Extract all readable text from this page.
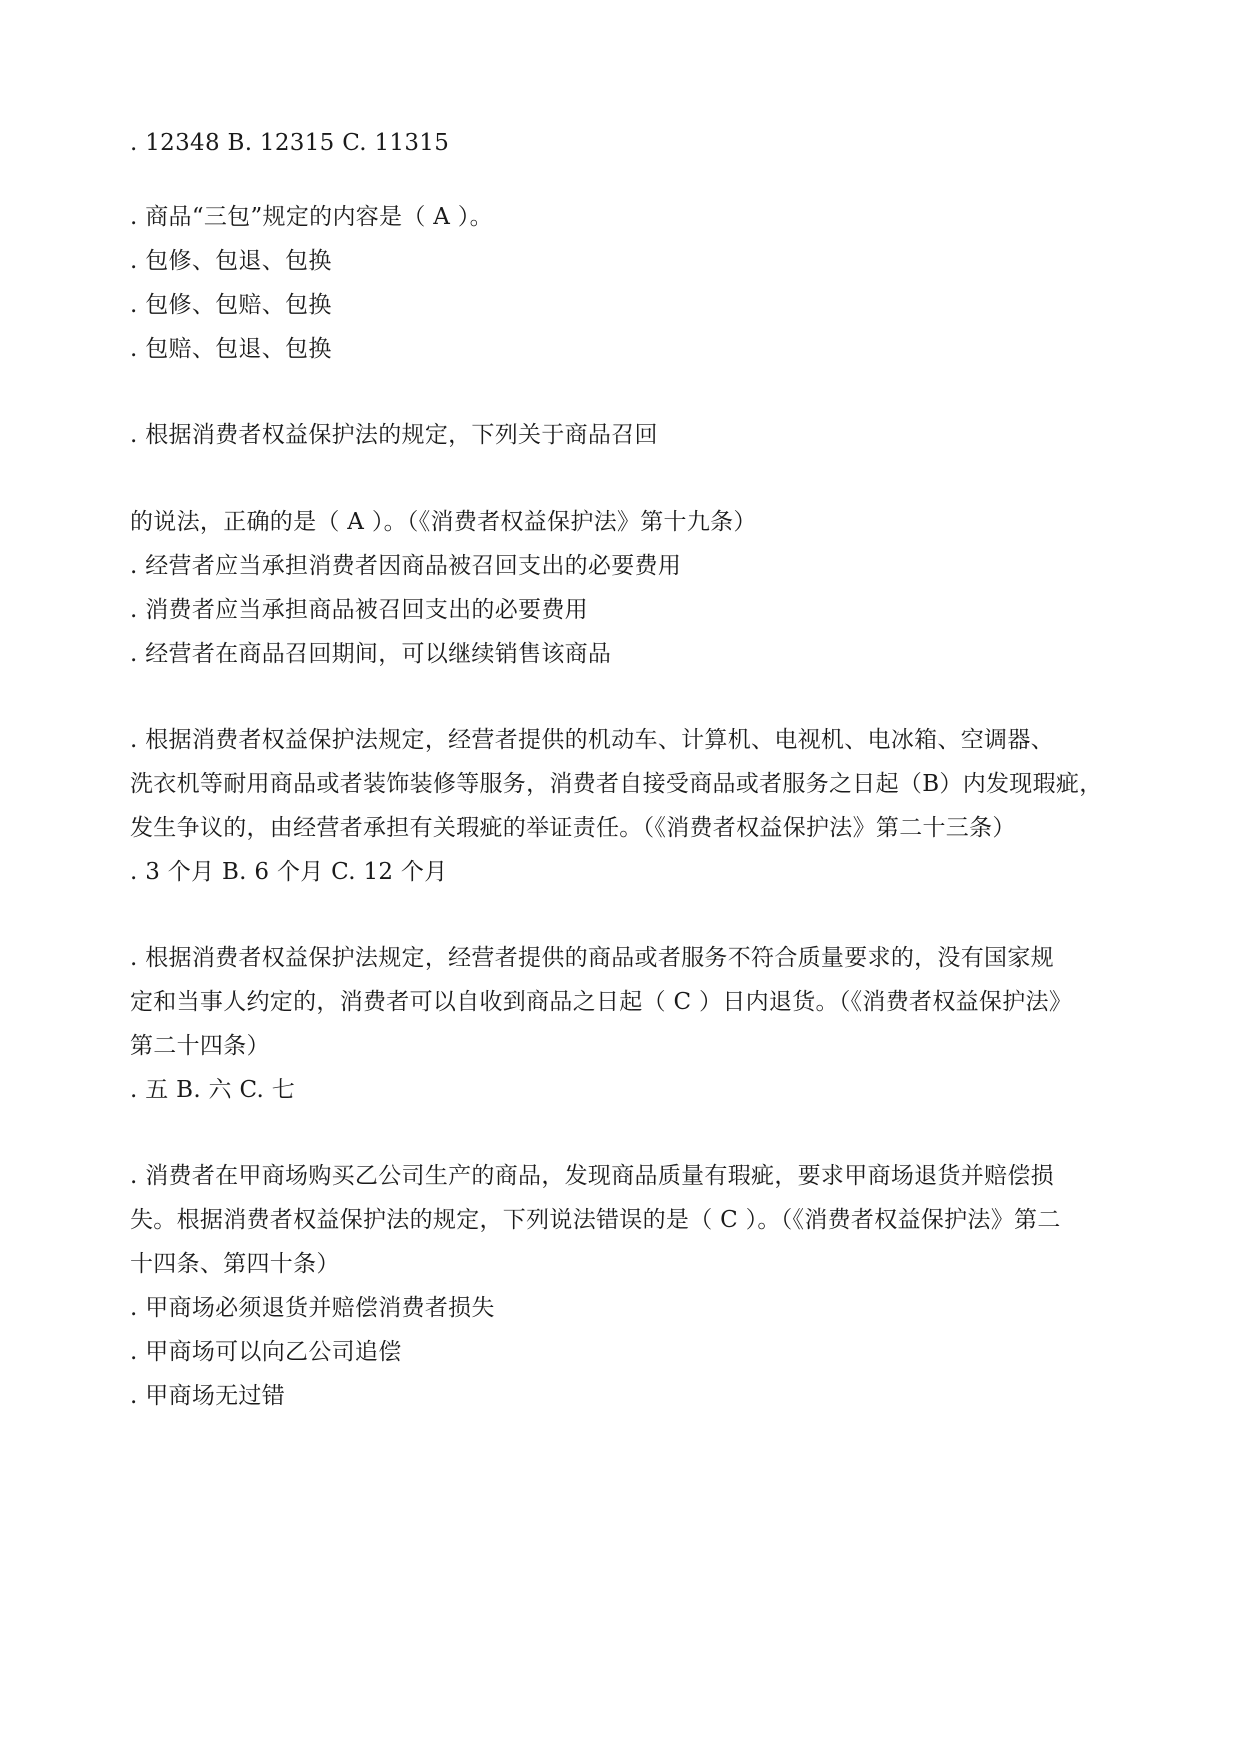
. 12348 B. 12315 C. 11315
. 商品“三包”规定的内容是（ A ）。
. 包修、包退、包换
. 包修、包赔、包换
. 包赔、包退、包换
. 根据消费者权益保护法的规定，下列关于商品召回
的说法，正确的是（ A ）。（《消费者权益保护法》第十九条）
. 经营者应当承担消费者因商品被召回支出的必要费用
. 消费者应当承担商品被召回支出的必要费用
. 经营者在商品召回期间，可以继续销售该商品
. 根据消费者权益保护法规定，经营者提供的机动车、计算机、电视机、电冰箱、空调器、
洗衣机等耐用商品或者装饰装修等服务，消费者自接受商品或者服务之日起（B）内发现瑕疵，
发生争议的，由经营者承担有关瑕疵的举证责任。（《消费者权益保护法》第二十三条）
. 3 个月 B. 6 个月 C. 12 个月
. 根据消费者权益保护法规定，经营者提供的商品或者服务不符合质量要求的，没有国家规
定和当事人约定的，消费者可以自收到商品之日起（ C ）日内退货。（《消费者权益保护法》
第二十四条）
. 五 B. 六 C. 七
. 消费者在甲商场购买乙公司生产的商品，发现商品质量有瑕疵，要求甲商场退货并赔偿损
失。根据消费者权益保护法的规定，下列说法错误的是（ C ）。（《消费者权益保护法》第二
十四条、第四十条）
. 甲商场必须退货并赔偿消费者损失
. 甲商场可以向乙公司追偿
. 甲商场无过错
